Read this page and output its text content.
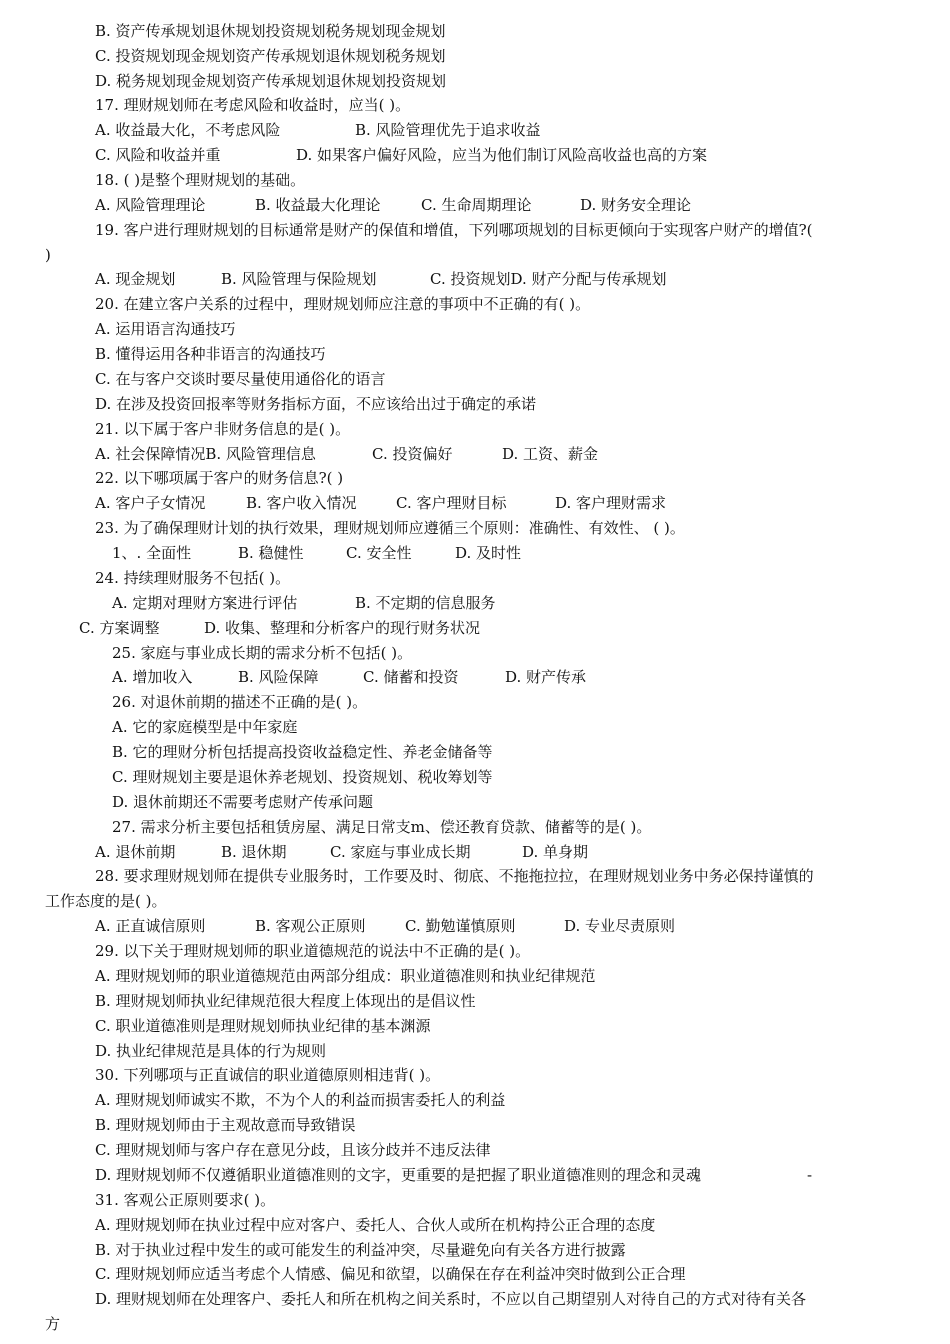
B. 资产传承规划退休规划投资规划税务规划现金规划
C. 投资规划现金规划资产传承规划退休规划税务规划
D. 税务规划现金规划资产传承规划退休规划投资规划
17. 理财规划师在考虑风险和收益时，应当( )。
A. 收益最大化，不考虑风险	B. 风险管理优先于追求收益
C. 风险和收益并重	D. 如果客户偏好风险，应当为他们制订风险高收益也高的方案
18. ( )是整个理财规划的基础。
A. 风险管理理论	B. 收益最大化理论	C. 生命周期理论	D. 财务安全理论
19. 客户进行理财规划的目标通常是财产的保值和增值，下列哪项规划的目标更倾向于实现客户财产的增值?(
)
A. 现金规划	B. 风险管理与保险规划	C. 投资规划D. 财产分配与传承规划
20. 在建立客户关系的过程中，理财规划师应注意的事项中不正确的有( )。
A. 运用语言沟通技巧
B. 懂得运用各种非语言的沟通技巧
C. 在与客户交谈时要尽量使用通俗化的语言
D. 在涉及投资回报率等财务指标方面，不应该给出过于确定的承诺
21. 以下属于客户非财务信息的是( )。
A. 社会保障情况B. 风险管理信息	C. 投资偏好	D. 工资、薪金
22. 以下哪项属于客户的财务信息?( )
A. 客户子女情况	B. 客户收入情况	C. 客户理财目标	D. 客户理财需求
23. 为了确保理财计划的执行效果，理财规划师应遵循三个原则：准确性、有效性、 ( )。
1、. 全面性	B. 稳健性	C. 安全性	D. 及时性
24. 持续理财服务不包括( )。
A. 定期对理财方案进行评估	B. 不定期的信息服务
C. 方案调整	D. 收集、整理和分析客户的现行财务状况
25. 家庭与事业成长期的需求分析不包括( )。
A. 增加收入	B. 风险保障	C. 储蓄和投资	D. 财产传承
26. 对退休前期的描述不正确的是( )。
A. 它的家庭模型是中年家庭
B. 它的理财分析包括提高投资收益稳定性、养老金储备等
C. 理财规划主要是退休养老规划、投资规划、税收筹划等
D. 退休前期还不需要考虑财产传承问题
27. 需求分析主要包括租赁房屋、满足日常支m、偿还教育贷款、储蓄等的是( )。
A. 退休前期	B. 退休期	C. 家庭与事业成长期	D. 单身期
28. 要求理财规划师在提供专业服务时，工作要及时、彻底、不拖拖拉拉，在理财规划业务中务必保持谨慎的
工作态度的是( )。
A. 正直诚信原则	B. 客观公正原则	C. 勤勉谨慎原则	D. 专业尽责原则
29. 以下关于理财规划师的职业道德规范的说法中不正确的是( )。
A. 理财规划师的职业道德规范由两部分组成：职业道德准则和执业纪律规范
B. 理财规划师执业纪律规范很大程度上体现出的是倡议性
C. 职业道德准则是理财规划师执业纪律的基本渊源
D. 执业纪律规范是具体的行为规则
30. 下列哪项与正直诚信的职业道德原则相违背( )。
A. 理财规划师诚实不欺，不为个人的利益而损害委托人的利益
B. 理财规划师由于主观故意而导致错误
C. 理财规划师与客户存在意见分歧，且该分歧并不违反法律
D. 理财规划师不仅遵循职业道德准则的文字，更重要的是把握了职业道德准则的理念和灵魂	-
31. 客观公正原则要求( )。
A. 理财规划师在执业过程中应对客户、委托人、合伙人或所在机构持公正合理的态度
B. 对于执业过程中发生的或可能发生的利益冲突，尽量避免向有关各方进行披露
C. 理财规划师应适当考虑个人情感、偏见和欲望，以确保在存在利益冲突时做到公正合理
D. 理财规划师在处理客户、委托人和所在机构之间关系时，不应以自己期望别人对待自己的方式对待有关各
方
